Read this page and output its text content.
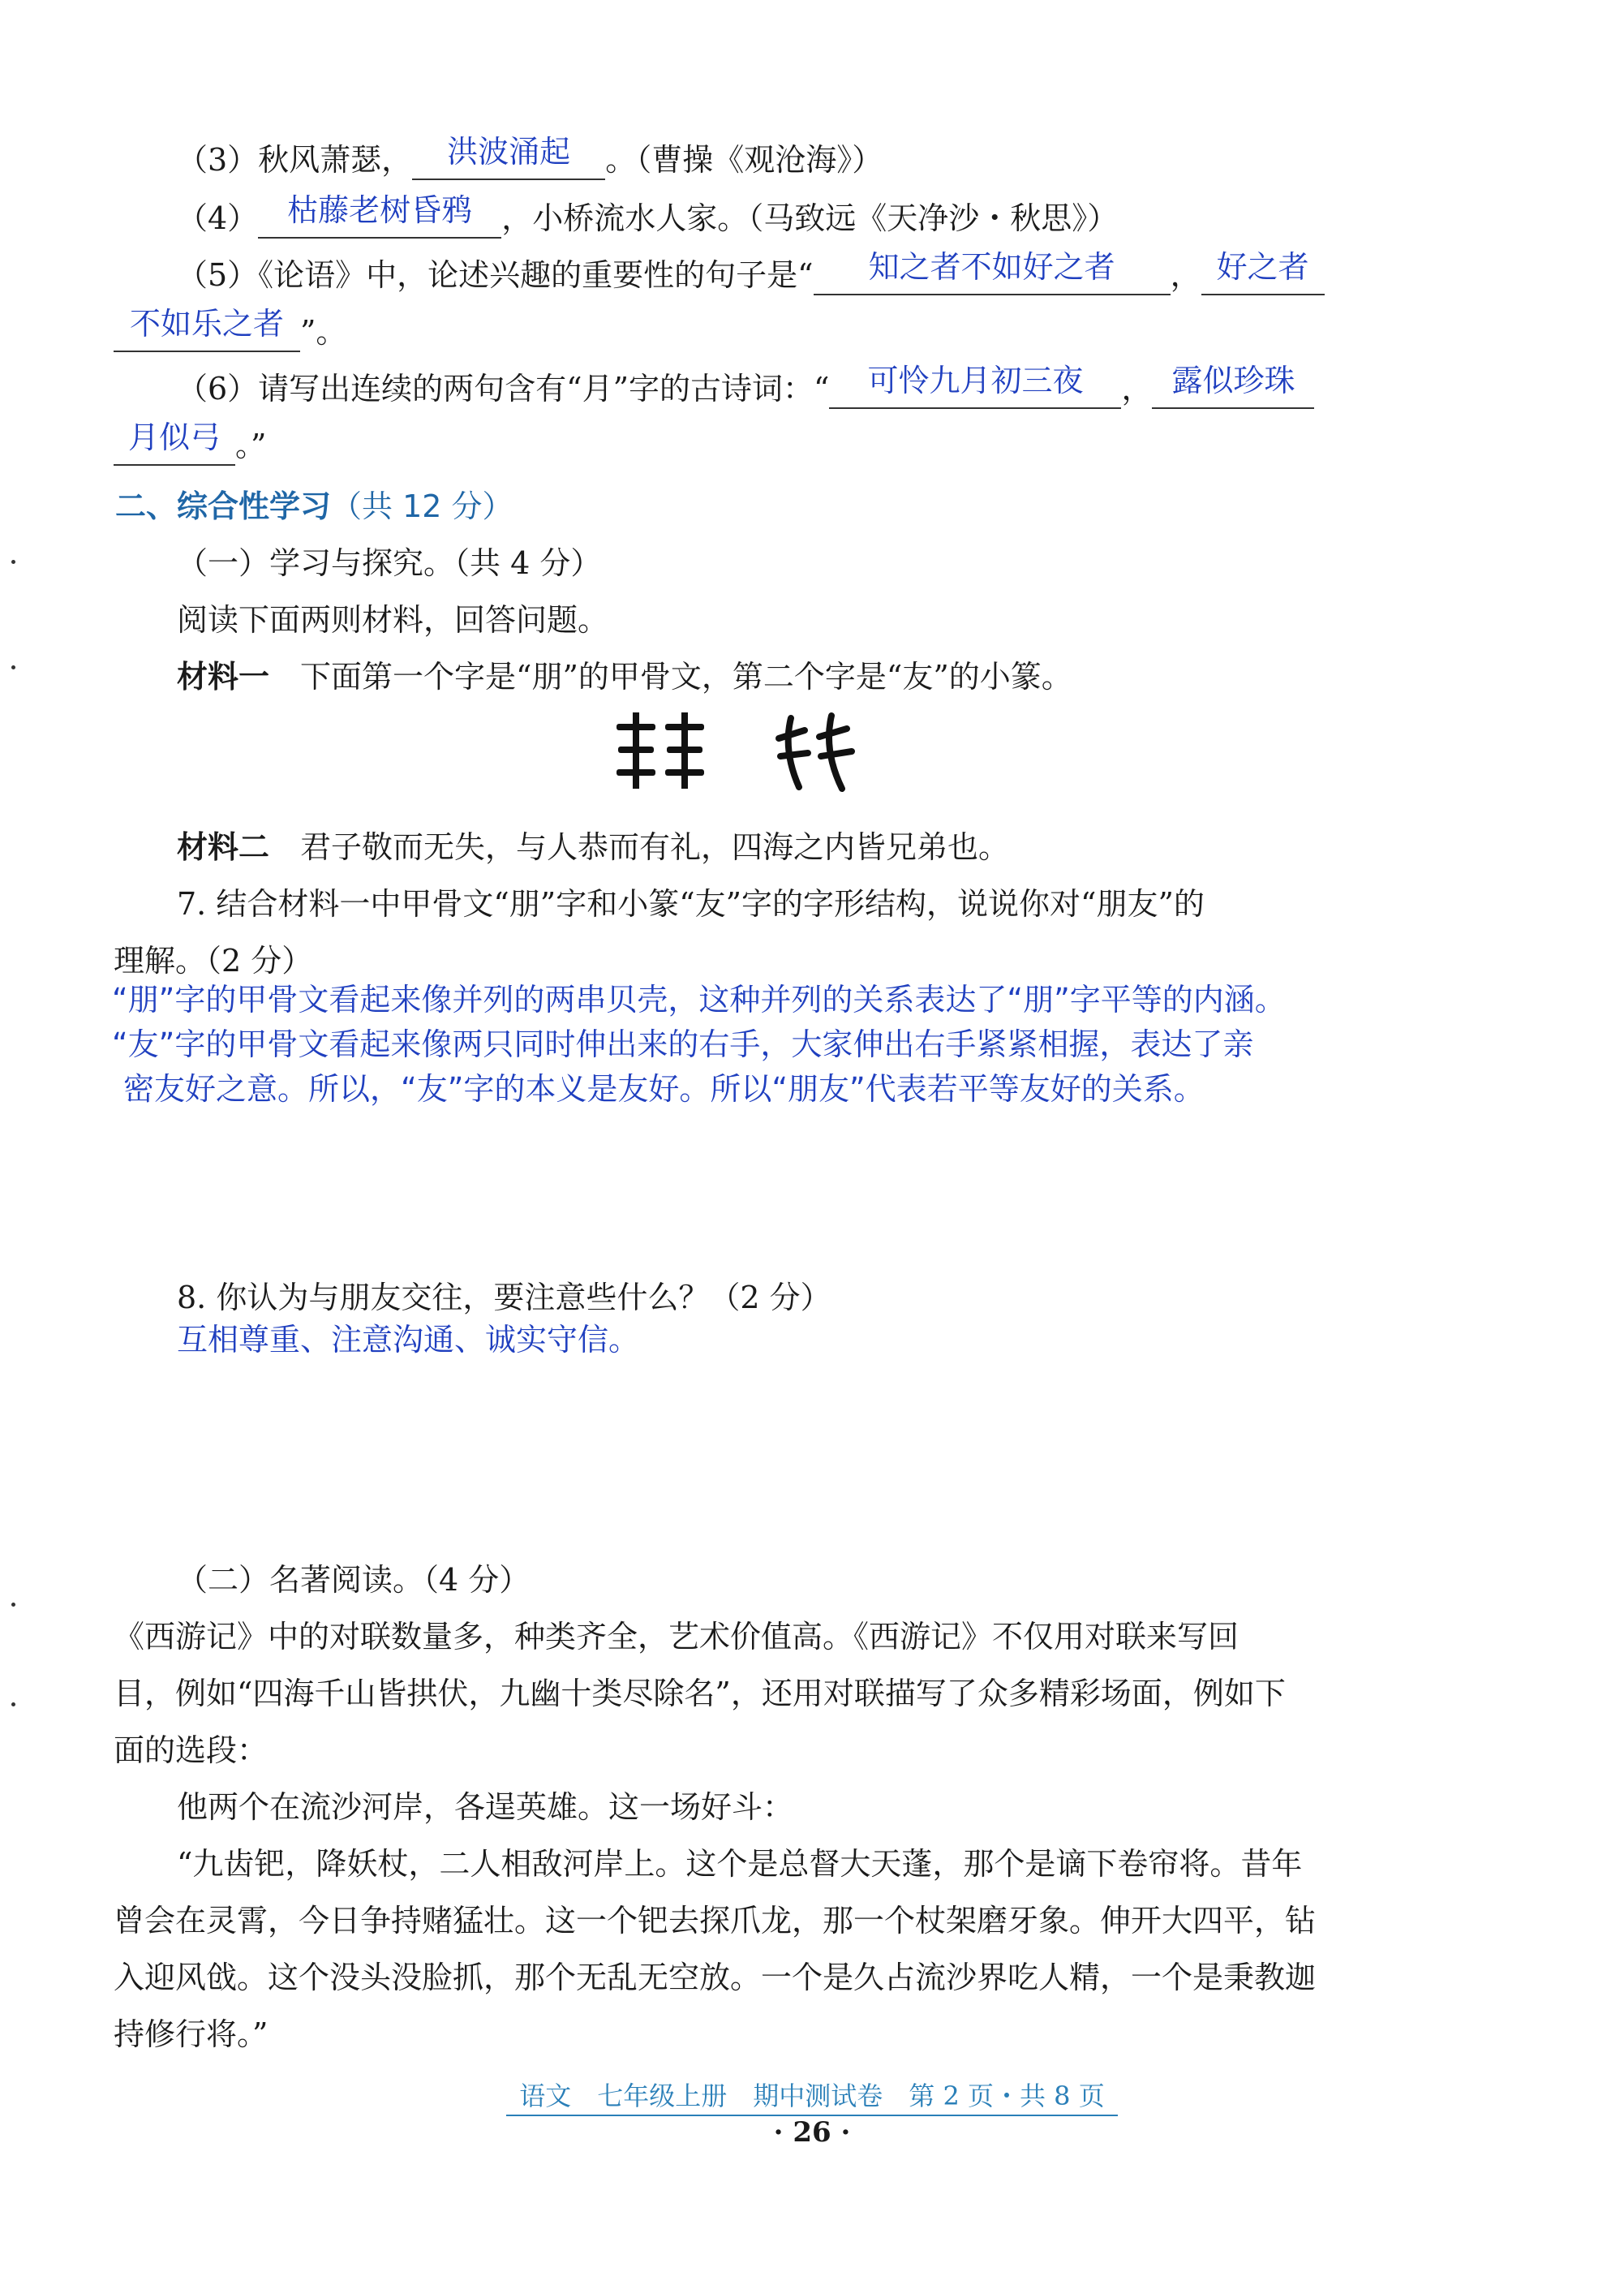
（3）秋风萧瑟， 洪波涌起 。（曹操《观沧海》）
（4） 枯藤老树昏鸦 ，小桥流水人家。（马致远《天净沙・秋思》）
（5）《论语》中，论述兴趣的重要性的句子是“ 知之者不如好之者 ， 好之者
不如乐之者 ”。
（6）请写出连续的两句含有“月”字的古诗词：“ 可怜九月初三夜 ， 露似珍珠
月似弓 。”
二、综合性学习（共 12 分）
（一）学习与探究。（共 4 分）
阅读下面两则材料，回答问题。
材料一　 下面第一个字是“朋”的甲骨文，第二个字是“友”的小篆。
材料二　 君子敬而无失，与人恭而有礼，四海之内皆兄弟也。
7. 结合材料一中甲骨文“朋”字和小篆“友”字的字形结构，说说你对“朋友”的
理解。（2 分）
“朋”字的甲骨文看起来像并列的两串贝壳，这种并列的关系表达了“朋”字平等的内涵。
“友”字的甲骨文看起来像两只同时伸出来的右手，大家伸出右手紧紧相握，表达了亲
密友好之意。所以，“友”字的本义是友好。所以“朋友”代表若平等友好的关系。
8. 你认为与朋友交往，要注意些什么？（2 分）
互相尊重、注意沟通、诚实守信。
（二）名著阅读。（4 分）
《西游记》中的对联数量多，种类齐全，艺术价值高。《西游记》不仅用对联来写回
目，例如“四海千山皆拱伏，九幽十类尽除名”，还用对联描写了众多精彩场面，例如下
面的选段：
他两个在流沙河岸，各逞英雄。这一场好斗：
“九齿钯，降妖杖，二人相敌河岸上。这个是总督大天蓬，那个是谪下卷帘将。昔年
曾会在灵霄，今日争持赌猛壮。这一个钯去探爪龙，那一个杖架磨牙象。伸开大四平，钻
入迎风戗。这个没头没脸抓，那个无乱无空放。一个是久占流沙界吃人精，一个是秉教迦
持修行将。”
语文　七年级上册　期中测试卷　第 2 页・共 8 页
· 26 ·
